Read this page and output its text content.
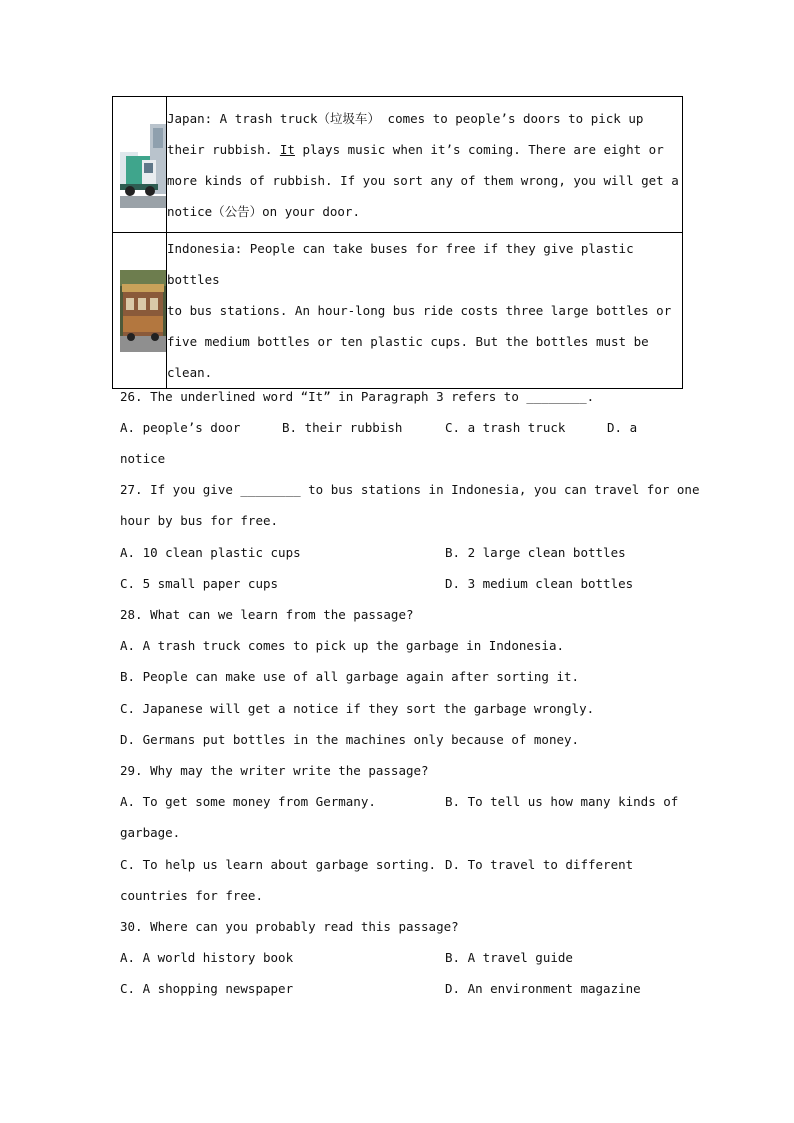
Japan: A trash truck（垃圾车） comes to people’s doors to pick up
their rubbish. It plays music when it’s coming. There are eight or
more kinds of rubbish. If you sort any of them wrong, you will get a
notice（公告）on your door.

Indonesia: People can take buses for free if they give plastic bottles
to bus stations. An hour-long bus ride costs three large bottles or
five medium bottles or ten plastic cups. But the bottles must be clean.
26. The underlined word “It” in Paragraph 3 refers to ________.
A. people’s door	B. their rubbish	C. a trash truck	D. a
notice
27. If you give ________ to bus stations in Indonesia, you can travel for one
hour by bus for free.
A. 10 clean plastic cups	B. 2 large clean bottles
C. 5 small paper cups	D. 3 medium clean bottles
28. What can we learn from the passage?
A. A trash truck comes to pick up the garbage in Indonesia.
B. People can make use of all garbage again after sorting it.
C. Japanese will get a notice if they sort the garbage wrongly.
D. Germans put bottles in the machines only because of money.
29. Why may the writer write the passage?
A. To get some money from Germany.	B. To tell us how many kinds of
garbage.
C. To help us learn about garbage sorting. D. To travel to different
countries for free.
30. Where can you probably read this passage?
A. A world history book	B. A travel guide
C. A shopping newspaper	D. An environment magazine
